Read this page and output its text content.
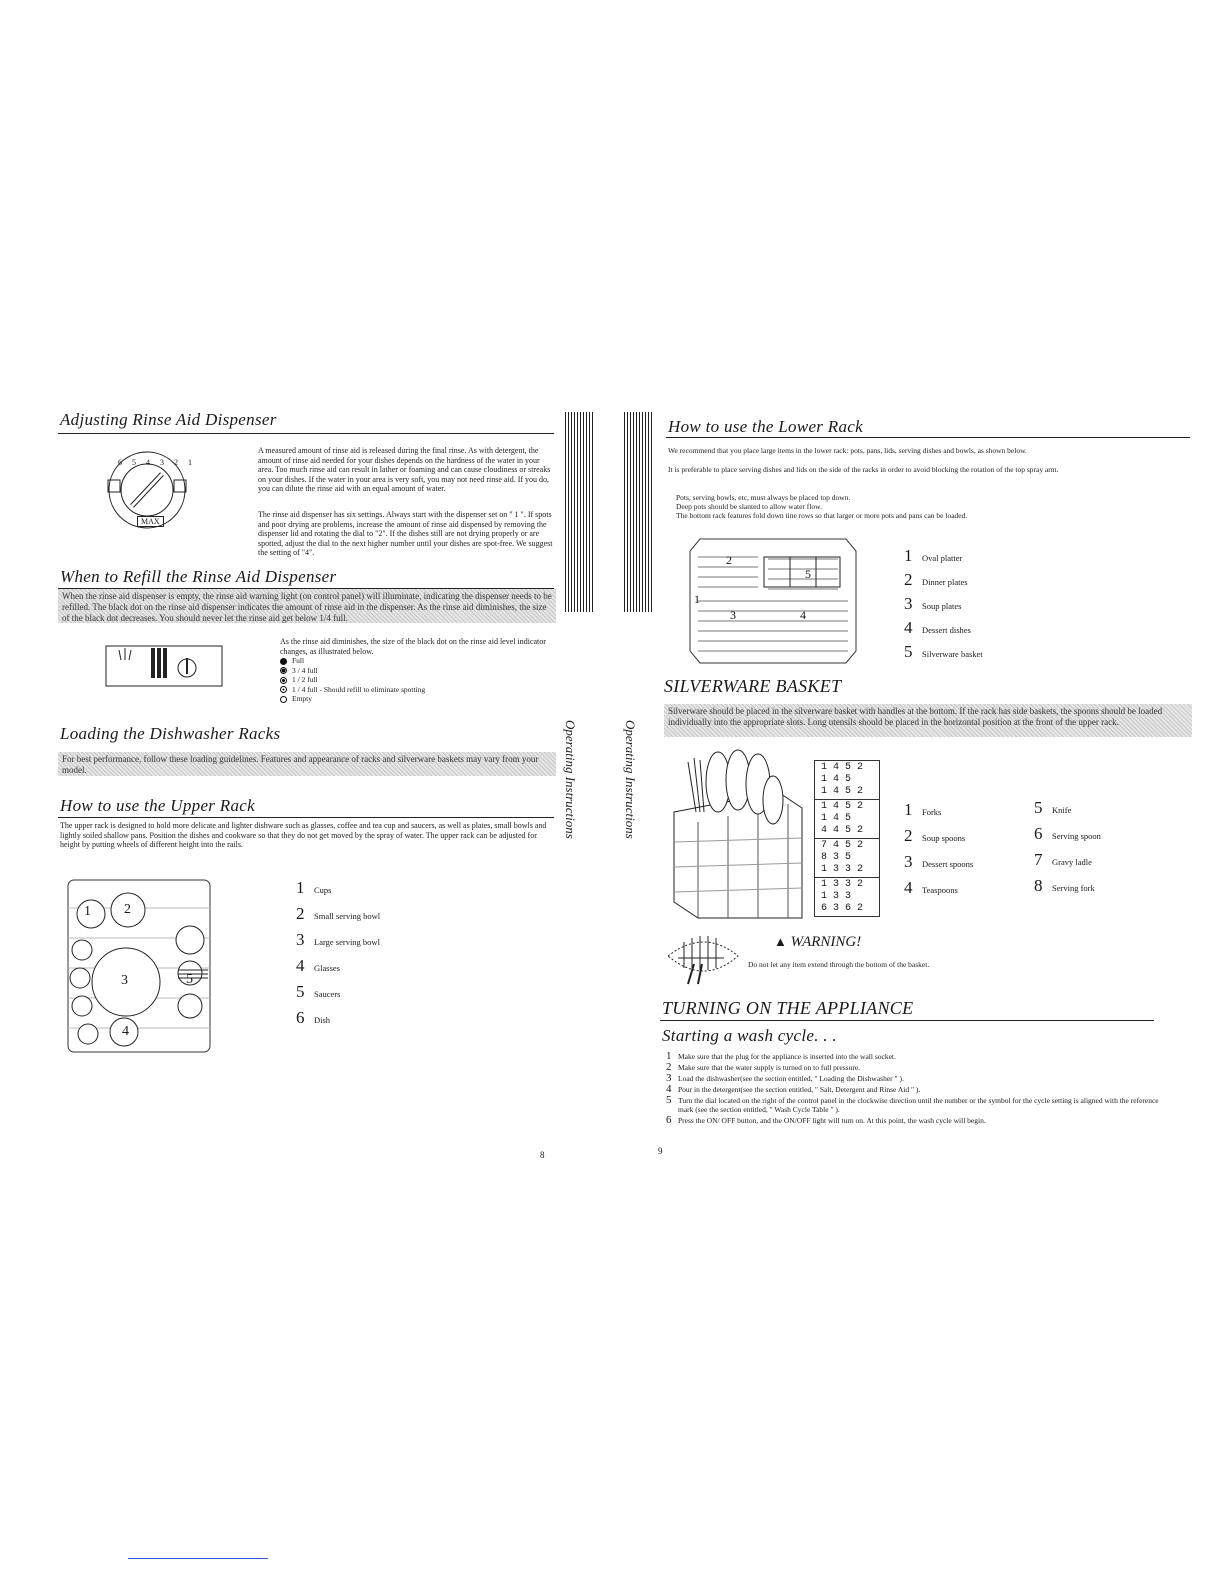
Adjusting Rinse Aid Dispenser
6 5 4 3 2 1
MAX
A measured amount of rinse aid is released during the final rinse. As with detergent, the amount of rinse aid needed for your dishes depends on the hardness of the water in your area. Too much rinse aid can result in lather or foaming and can cause cloudiness or streaks on your dishes. If the water in your area is very soft, you may not need rinse aid. If you do, you can dilute the rinse aid with an equal amount of water.
The rinse aid dispenser has six settings. Always start with the dispenser set on " 1 ". If spots and poor drying are problems, increase the amount of rinse aid dispensed by removing the dispenser lid and rotating the dial to "2". If the dishes still are not drying properly or are spotted, adjust the dial to the next higher number until your dishes are spot-free. We suggest the setting of "4".
When to Refill the Rinse Aid Dispenser
When the rinse aid dispenser is empty, the rinse aid warning light (on control panel) will illuminate, indicating the dispenser needs to be refilled. The black dot on the rinse aid dispenser indicates the amount of rinse aid in the dispenser. As the rinse aid diminishes, the size of the black dot decreases. You should never let the rinse aid get below 1/4 full.
As the rinse aid diminishes, the size of the black dot on the rinse aid level indicator changes, as illustrated below.
Full
3 / 4 full
1 / 2 full
1 / 4 full - Should refill to eliminate spotting
Empty
Loading the Dishwasher Racks
For best performance, follow these loading guidelines. Features and appearance of racks and silverware baskets may vary from your model.
How to use the Upper Rack
The upper rack is designed to hold more delicate and lighter dishware such as glasses, coffee and tea cup and saucers, as well as plates, small bowls and lightly soiled shallow pans. Position the dishes and cookware so that they do not get moved by the spray of water. The upper rack can be adjusted for height by putting wheels of different height into the rails.
1 2
3
4
5
1	Cups
2	Small serving bowl
3	Large serving bowl
4	Glasses
5	Saucers
6	Dish
Operating Instructions
8
Operating Instructions
How to use the Lower Rack
We recommend that you place large items in the lower rack: pots, pans, lids, serving dishes and bowls, as shown below.
It is preferable to place serving dishes and lids on the side of the racks in order to avoid blocking the rotation of the top spray arm.
Pots, serving bowls, etc, must always be placed top down.
Deep pots should be slanted to allow water flow.
The bottom rack features fold down tine rows so that larger or more pots and pans can be loaded.
2
1
3	4
5
1	Oval platter
2	Dinner plates
3	Soup plates
4	Dessert dishes
5	Silverware basket
SILVERWARE BASKET
Silverware should be placed in the silverware basket with handles at the bottom. If the rack has side baskets, the spoons should be loaded individually into the appropriate slots. Long utensils should be placed in the horizontal position at the front of the upper rack.
1 4 5 2
1 4 5
1 4 5 2
1 4 5 2
1 4 5
4 4 5 2
7 4 5 2
8 3 5
1 3 3 2
1 3 3 2
1 3 3
6 3 6 2
1	Forks
2	Soup spoons
3	Dessert spoons
4	Teaspoons
5	Knife
6	Serving spoon
7	Gravy ladle
8	Serving fork
▲ WARNING!
Do not let any item extend through the bottom of the basket.
TURNING ON THE APPLIANCE
Starting a wash cycle. . .
1 Make sure that the plug for the appliance is inserted into the wall socket.
2 Make sure that the water supply is turned on to full pressure.
3 Load the dishwasher(see the section entitled, " Loading the Dishwasher " ).
4 Pour in the detergent(see the section entitled, " Salt, Detergent and Rinse Aid " ).
5 Turn the dial located on the right of the control panel in the clockwise direction until the number or the symbol for the cycle setting is aligned with the reference mark (see the section entitled, " Wash Cycle Table " ).
6 Press the ON/ OFF button, and the ON/OFF light will turn on. At this point, the wash cycle will begin.
9
